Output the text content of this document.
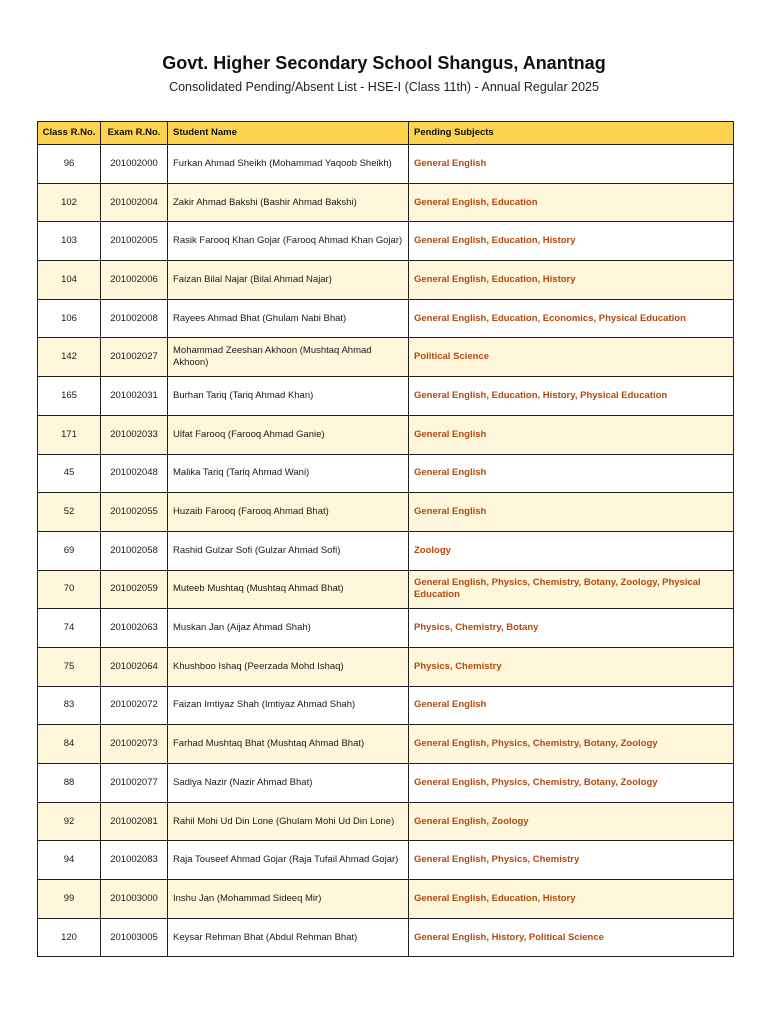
Govt. Higher Secondary School Shangus, Anantnag
Consolidated Pending/Absent List - HSE-I (Class 11th) - Annual Regular 2025
Class R.No.	Exam R.No.	Student Name	Pending Subjects
96	201002000	Furkan Ahmad Sheikh (Mohammad Yaqoob Sheikh)	General English
102	201002004	Zakir Ahmad Bakshi (Bashir Ahmad Bakshi)	General English, Education
103	201002005	Rasik Farooq Khan Gojar (Farooq Ahmad Khan Gojar)	General English, Education, History
104	201002006	Faizan Bilal Najar (Bilal Ahmad Najar)	General English, Education, History
106	201002008	Rayees Ahmad Bhat (Ghulam Nabi Bhat)	General English, Education, Economics, Physical Education
142	201002027	Mohammad Zeeshan Akhoon (Mushtaq Ahmad Akhoon)	Political Science
165	201002031	Burhan Tariq (Tariq Ahmad Khan)	General English, Education, History, Physical Education
171	201002033	Ulfat Farooq (Farooq Ahmad Ganie)	General English
45	201002048	Malika Tariq (Tariq Ahmad Wani)	General English
52	201002055	Huzaib Farooq (Farooq Ahmad Bhat)	General English
69	201002058	Rashid Gulzar Sofi (Gulzar Ahmad Sofi)	Zoology
70	201002059	Muteeb Mushtaq (Mushtaq Ahmad Bhat)	General English, Physics, Chemistry, Botany, Zoology, Physical Education
74	201002063	Muskan Jan (Aijaz Ahmad Shah)	Physics, Chemistry, Botany
75	201002064	Khushboo Ishaq (Peerzada Mohd Ishaq)	Physics, Chemistry
83	201002072	Faizan Imtiyaz Shah (Imtiyaz Ahmad Shah)	General English
84	201002073	Farhad Mushtaq Bhat (Mushtaq Ahmad Bhat)	General English, Physics, Chemistry, Botany, Zoology
88	201002077	Sadiya Nazir (Nazir Ahmad Bhat)	General English, Physics, Chemistry, Botany, Zoology
92	201002081	Rahil Mohi Ud Din Lone (Ghulam Mohi Ud Din Lone)	General English, Zoology
94	201002083	Raja Touseef Ahmad Gojar (Raja Tufail Ahmad Gojar)	General English, Physics, Chemistry
99	201003000	Inshu Jan (Mohammad Sideeq Mir)	General English, Education, History
120	201003005	Keysar Rehman Bhat (Abdul Rehman Bhat)	General English, History, Political Science
